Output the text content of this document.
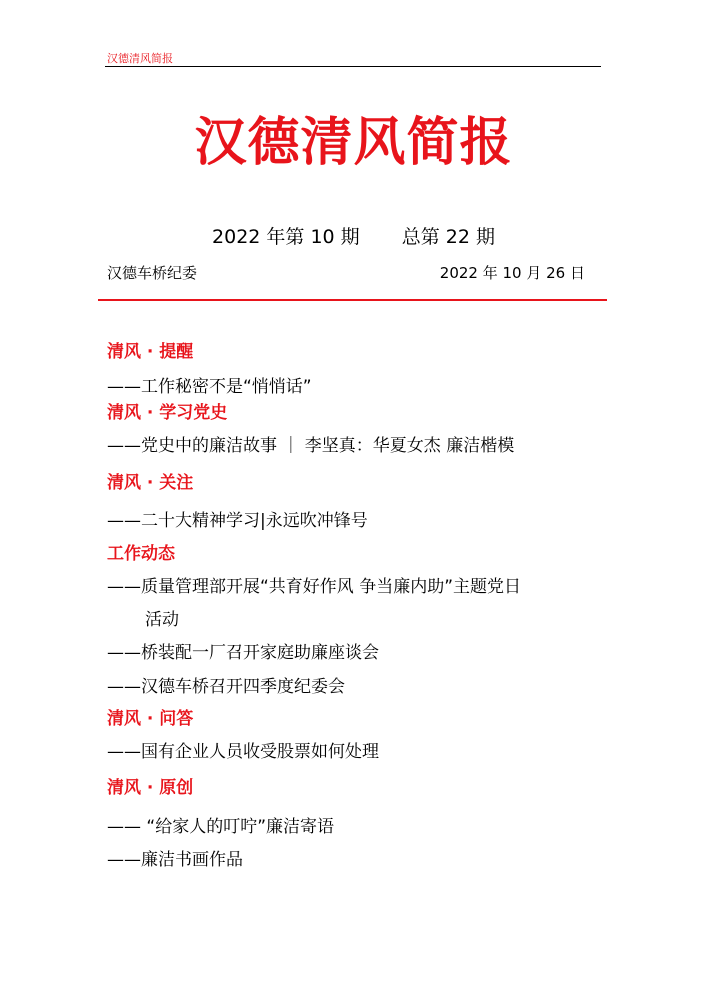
汉德清风简报
汉德清风简报
2022 年第 10 期 总第 22 期
汉德车桥纪委	2022 年 10 月 26 日
清风 · 提醒
——工作秘密不是“悄悄话”
清风 · 学习党史
——党史中的廉洁故事 ｜ 李坚真：华夏女杰 廉洁楷模
清风 · 关注
——二十大精神学习|永远吹冲锋号
工作动态
——质量管理部开展“共育好作风 争当廉内助”主题党日
活动
——桥装配一厂召开家庭助廉座谈会
——汉德车桥召开四季度纪委会
清风 · 问答
——国有企业人员收受股票如何处理
清风 · 原创
—— “给家人的叮咛”廉洁寄语
——廉洁书画作品
